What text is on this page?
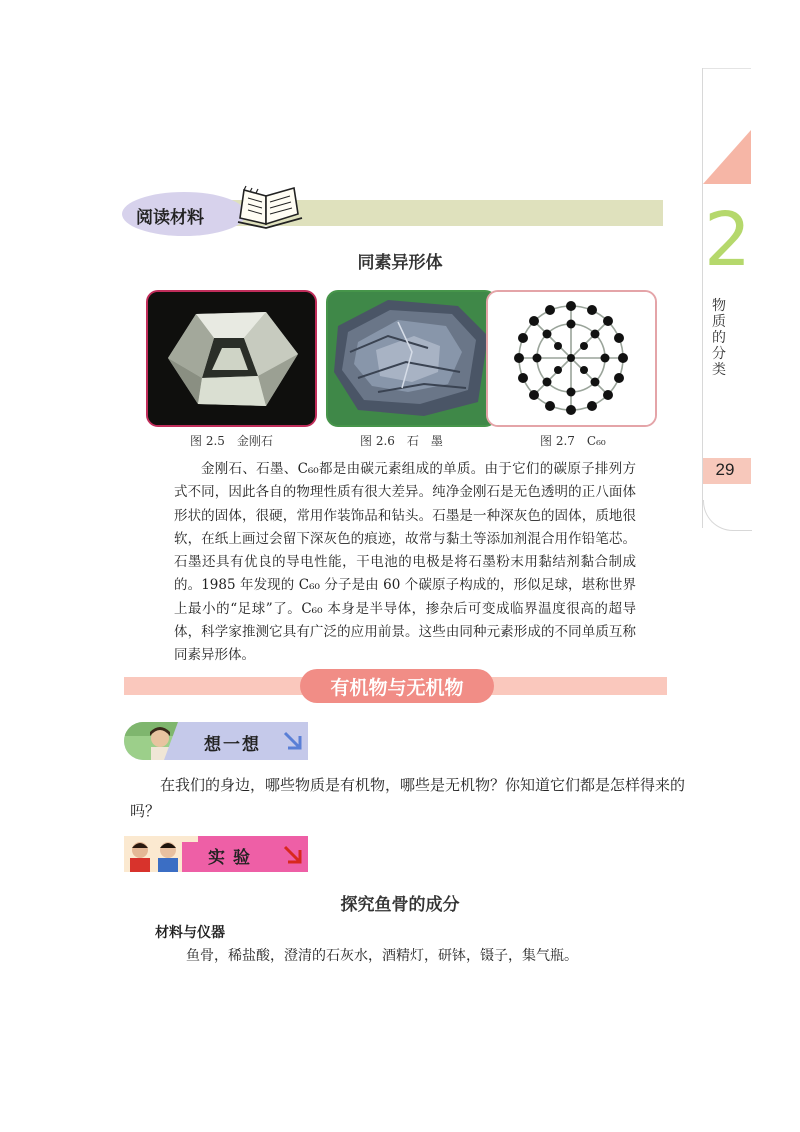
2
物质的分类
29
阅读材料
同素异形体
图 2.5　金刚石	图 2.6　石　墨	图 2.7　C₆₀

金刚石、石墨、C₆₀都是由碳元素组成的单质。由于它们的碳原子排列方式不同，因此各自的物理性质有很大差异。纯净金刚石是无色透明的正八面体形状的固体，很硬，常用作装饰品和钻头。石墨是一种深灰色的固体，质地很软，在纸上画过会留下深灰色的痕迹，故常与黏土等添加剂混合用作铅笔芯。石墨还具有优良的导电性能，干电池的电极是将石墨粉末用黏结剂黏合制成的。1985 年发现的 C₆₀ 分子是由 60 个碳原子构成的，形似足球，堪称世界上最小的“足球”了。C₆₀ 本身是半导体，掺杂后可变成临界温度很高的超导体，科学家推测它具有广泛的应用前景。这些由同种元素形成的不同单质互称同素异形体。

有机物与无机物
想一想

在我们的身边，哪些物质是有机物，哪些是无机物？你知道它们都是怎样得来的吗？

实验
探究鱼骨的成分
材料与仪器
鱼骨，稀盐酸，澄清的石灰水，酒精灯，研钵，镊子，集气瓶。
